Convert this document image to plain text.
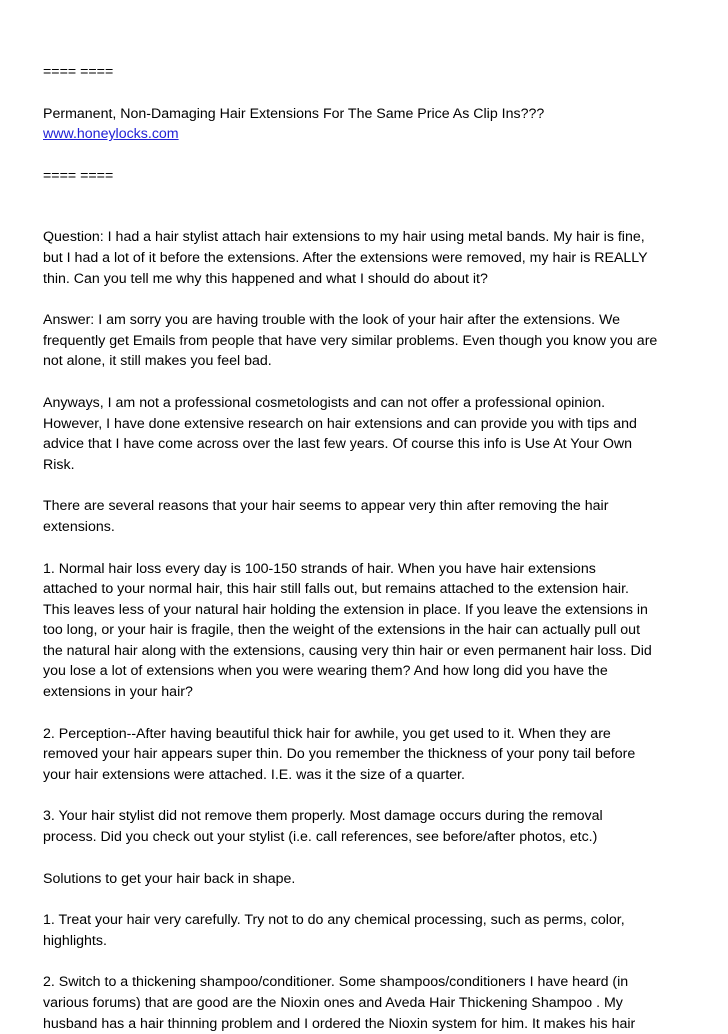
==== ====

Permanent, Non-Damaging Hair Extensions For The Same Price As Clip Ins???

www.honeylocks.com

==== ====

Question: I had a hair stylist attach hair extensions to my hair using metal bands. My hair is fine,
but I had a lot of it before the extensions. After the extensions were removed, my hair is REALLY
thin. Can you tell me why this happened and what I should do about it?

Answer: I am sorry you are having trouble with the look of your hair after the extensions. We
frequently get Emails from people that have very similar problems. Even though you know you are
not alone, it still makes you feel bad.

Anyways, I am not a professional cosmetologists and can not offer a professional opinion.
However, I have done extensive research on hair extensions and can provide you with tips and
advice that I have come across over the last few years. Of course this info is Use At Your Own
Risk.

There are several reasons that your hair seems to appear very thin after removing the hair
extensions.

1. Normal hair loss every day is 100-150 strands of hair. When you have hair extensions
attached to your normal hair, this hair still falls out, but remains attached to the extension hair.
This leaves less of your natural hair holding the extension in place. If you leave the extensions in
too long, or your hair is fragile, then the weight of the extensions in the hair can actually pull out
the natural hair along with the extensions, causing very thin hair or even permanent hair loss. Did
you lose a lot of extensions when you were wearing them? And how long did you have the
extensions in your hair?

2. Perception--After having beautiful thick hair for awhile, you get used to it. When they are
removed your hair appears super thin. Do you remember the thickness of your pony tail before
your hair extensions were attached. I.E. was it the size of a quarter.

3. Your hair stylist did not remove them properly. Most damage occurs during the removal
process. Did you check out your stylist (i.e. call references, see before/after photos, etc.)

Solutions to get your hair back in shape.

1. Treat your hair very carefully. Try not to do any chemical processing, such as perms, color,
highlights.

2. Switch to a thickening shampoo/conditioner. Some shampoos/conditioners I have heard (in
various forums) that are good are the Nioxin ones and Aveda Hair Thickening Shampoo . My
husband has a hair thinning problem and I ordered the Nioxin system for him. It makes his hair
